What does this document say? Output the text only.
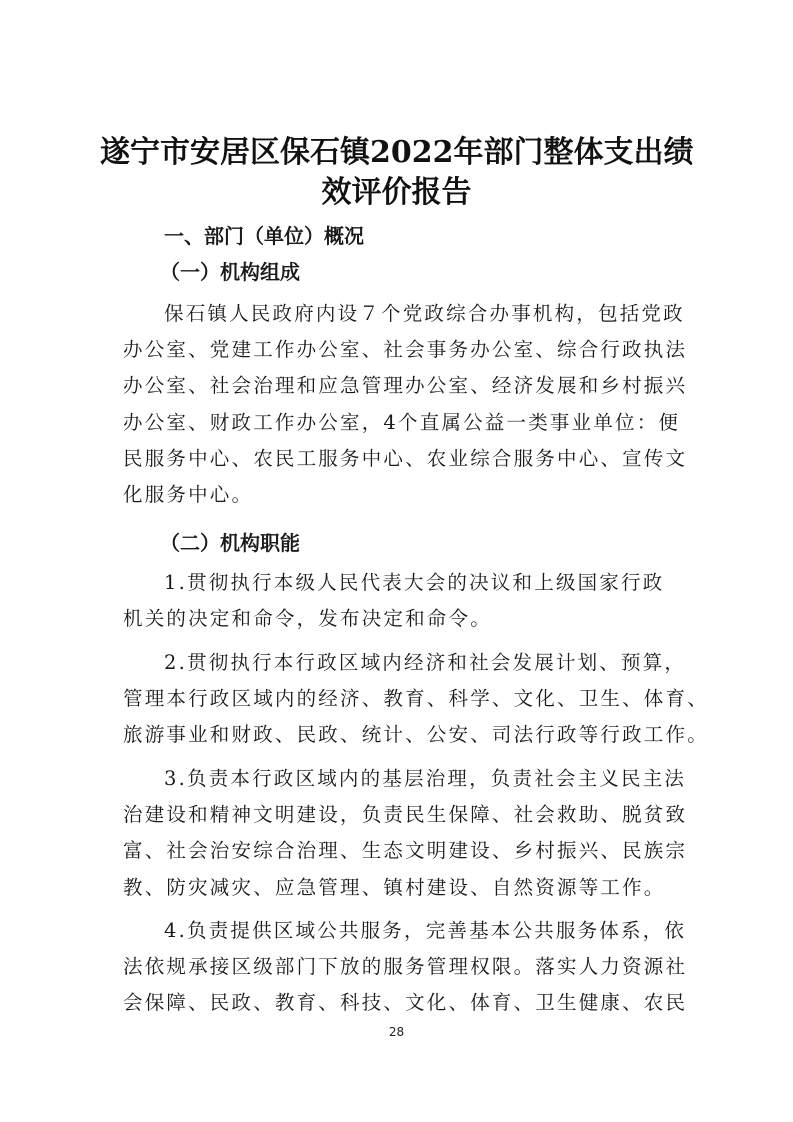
遂宁市安居区保石镇2022年部门整体支出绩
效评价报告
一、部门（单位）概况
（一）机构组成
保石镇人民政府内设７个党政综合办事机构，包括党政
办公室、党建工作办公室、社会事务办公室、综合行政执法
办公室、社会治理和应急管理办公室、经济发展和乡村振兴
办公室、财政工作办公室，4个直属公益一类事业单位：便
民服务中心、农民工服务中心、农业综合服务中心、宣传文
化服务中心。
（二）机构职能
1.贯彻执行本级人民代表大会的决议和上级国家行政
机关的决定和命令，发布决定和命令。
2.贯彻执行本行政区域内经济和社会发展计划、预算，
管理本行政区域内的经济、教育、科学、文化、卫生、体育、
旅游事业和财政、民政、统计、公安、司法行政等行政工作。
3.负责本行政区域内的基层治理，负责社会主义民主法
治建设和精神文明建设，负责民生保障、社会救助、脱贫致
富、社会治安综合治理、生态文明建设、乡村振兴、民族宗
教、防灾减灾、应急管理、镇村建设、自然资源等工作。
4.负责提供区域公共服务，完善基本公共服务体系，依
法依规承接区级部门下放的服务管理权限。落实人力资源社
会保障、民政、教育、科技、文化、体育、卫生健康、农民
28
